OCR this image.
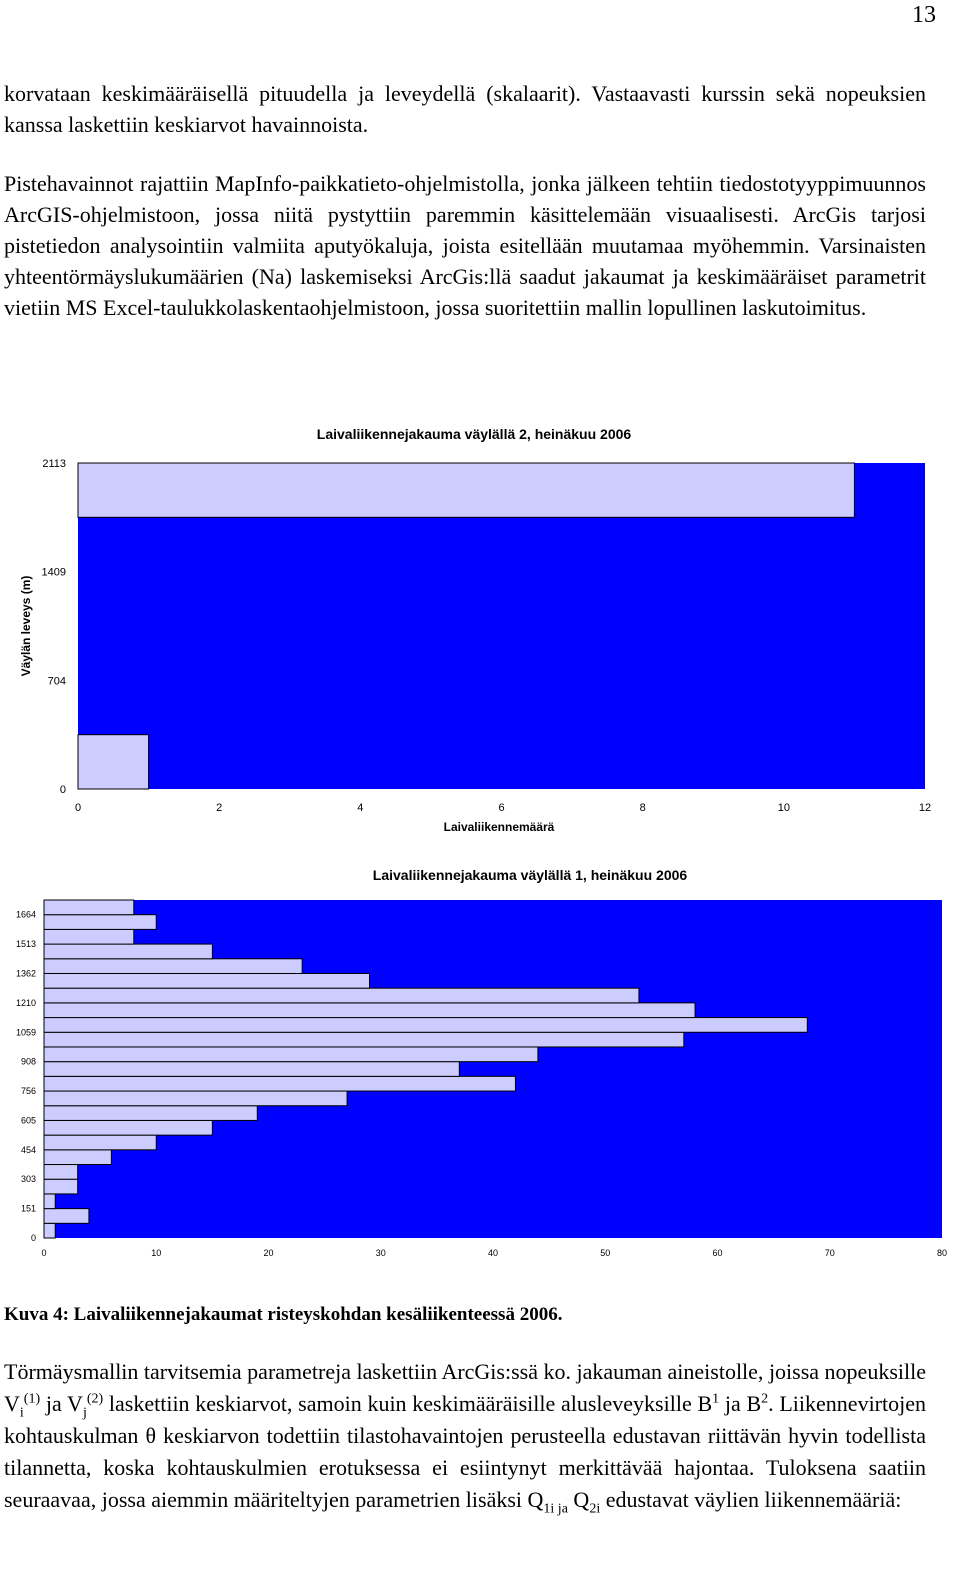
13

korvataan keskimääräisellä pituudella ja leveydellä (skalaarit). Vastaavasti kurssin sekä nopeuksien kanssa laskettiin keskiarvot havainnoista.

Pistehavainnot rajattiin MapInfo-paikkatieto-ohjelmistolla, jonka jälkeen tehtiin tiedostotyyppimuunnos ArcGIS-ohjelmistoon, jossa niitä pystyttiin paremmin käsittelemään visuaalisesti. ArcGis tarjosi pistetiedon analysointiin valmiita aputyökaluja, joista esitellään muutamaa myöhemmin. Varsinaisten yhteentörmäyslukumäärien (Na) laskemiseksi ArcGis:llä saadut jakaumat ja keskimääräiset parametrit vietiin MS Excel-taulukkolaskentaohjelmistoon, jossa suoritettiin mallin lopullinen laskutoimitus.

Laivaliikennejakauma väylällä 2, heinäkuu 2006
0
704
1409
2113
0	2	4	6	8	10	12
Väylän leveys (m)
Laivaliikennemäärä
Laivaliikennejakauma väylällä 1, heinäkuu 2006
0
151
303
454
605
756
908
1059
1210
1362
1513
1664
0	10	20	30	40	50	60	70	80

Kuva 4: Laivaliikennejakaumat risteyskohdan kesäliikenteessä 2006.

Törmäysmallin tarvitsemia parametreja laskettiin ArcGis:ssä ko. jakauman aineistolle, joissa nopeuksille $V_i^{(1)}$ ja $V_j^{(2)}$ laskettiin keskiarvot, samoin kuin keskimääräisille alusleveyksille $B^1$ ja $B^2$. Liikennevirtojen kohtauskulman θ keskiarvon todettiin tilastohavaintojen perusteella edustavan riittävän hyvin todellista tilannetta, koska kohtauskulmien erotuksessa ei esiintynyt merkittävää hajontaa. Tuloksena saatiin seuraavaa, jossa aiemmin määriteltyjen parametrien lisäksi $Q_{1i ja}$ $Q_{2i}$ edustavat väylien liikennemääriä:
